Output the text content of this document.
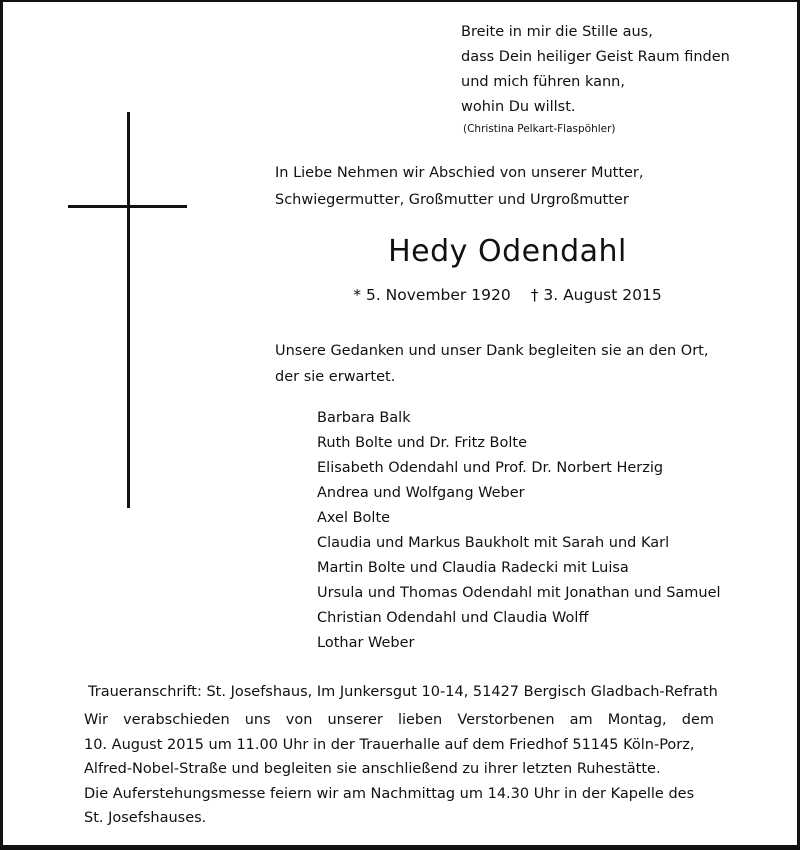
Breite in mir die Stille aus,
dass Dein heiliger Geist Raum finden
und mich führen kann,
wohin Du willst.
(Christina Pelkart-Flaspöhler)
In Liebe Nehmen wir Abschied von unserer Mutter,
Schwiegermutter, Großmutter und Urgroßmutter
Hedy Odendahl
* 5. November 1920 † 3. August 2015
Unsere Gedanken und unser Dank begleiten sie an den Ort,
der sie erwartet.
Barbara Balk
Ruth Bolte und Dr. Fritz Bolte
Elisabeth Odendahl und Prof. Dr. Norbert Herzig
Andrea und Wolfgang Weber
Axel Bolte
Claudia und Markus Baukholt mit Sarah und Karl
Martin Bolte und Claudia Radecki mit Luisa
Ursula und Thomas Odendahl mit Jonathan und Samuel
Christian Odendahl und Claudia Wolff
Lothar Weber
Traueranschrift: St. Josefshaus, Im Junkersgut 10-14, 51427 Bergisch Gladbach-Refrath
Wir verabschieden uns von unserer lieben Verstorbenen am Montag, dem
10. August 2015 um 11.00 Uhr in der Trauerhalle auf dem Friedhof 51145 Köln-Porz,
Alfred-Nobel-Straße und begleiten sie anschließend zu ihrer letzten Ruhestätte.
Die Auferstehungsmesse feiern wir am Nachmittag um 14.30 Uhr in der Kapelle des
St. Josefshauses.
